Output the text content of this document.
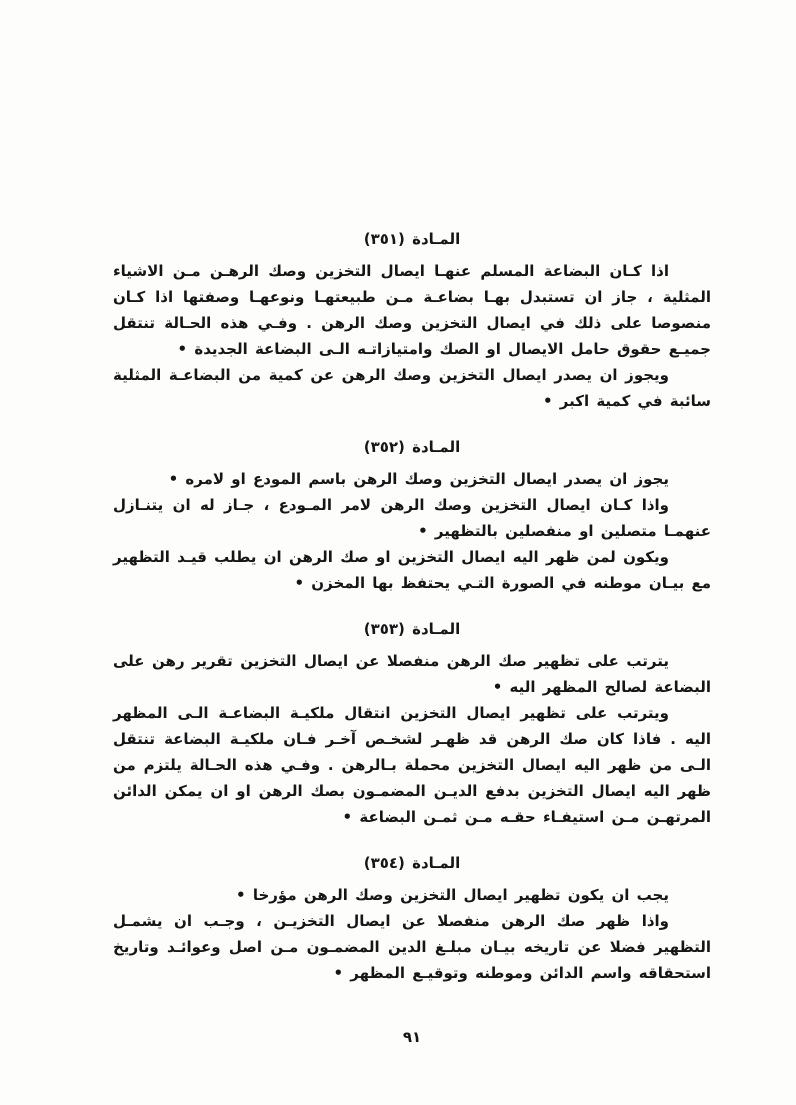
المـادة (٣٥١)

اذا كـان البضاعة المسلم عنهـا ايصال التخزين وصك الرهـن مـن الاشياء المثلية ، جاز ان تستبدل بهـا بضاعـة مـن طبيعتهـا ونوعهـا وصفتها اذا كـان منصوصا على ذلك في ايصال التخزين وصك الرهن . وفـي هذه الحـالة تنتقل جميـع حقوق حامل الايصال او الصك وامتيازاتـه الـى البضاعة الجديدة •

ويجوز ان يصدر ايصال التخزين وصك الرهن عن كمية من البضاعـة المثلية سائبة في كمية اكبر •

المـادة (٣٥٢)

يجوز ان يصدر ايصال التخزين وصك الرهن باسم المودع او لامره •

واذا كـان ايصال التخزين وصك الرهن لامر المـودع ، جـاز له ان يتنـازل عنهمـا متصلين او منفصلين بالتظهير •

ويكون لمن ظهر اليه ايصال التخزين او صك الرهن ان يطلب قيـد التظهير مع بيـان موطنه في الصورة التـي يحتفظ بها المخزن •

المـادة (٣٥٣)

يترتب على تظهير صك الرهن منفصلا عن ايصال التخزين تقرير رهن على البضاعة لصالح المظهر اليه •

ويترتب على تظهير ايصال التخزين انتقال ملكيـة البضاعـة الـى المظهر اليه . فاذا كان صك الرهن قد ظهـر لشخـص آخـر فـان ملكيـة البضاعة تنتقل الـى من ظهر اليه ايصال التخزين محملة بـالرهن . وفـي هذه الحـالة يلتزم من ظهر اليه ايصال التخزين بدفع الديـن المضمـون بصك الرهن او ان يمكن الدائن المرتهـن مـن استيفـاء حقـه مـن ثمـن البضاعة •

المـادة (٣٥٤)

يجب ان يكون تظهير ايصال التخزين وصك الرهن مؤرخا •

واذا ظهر صك الرهن منفصلا عن ايصال التخزيـن ، وجـب ان يشمـل التظهير فضلا عن تاريخه بيـان مبلـغ الدين المضمـون مـن اصل وعوائـد وتاريخ استحقاقه واسم الدائن وموطنه وتوقيـع المظهر •

٩١
